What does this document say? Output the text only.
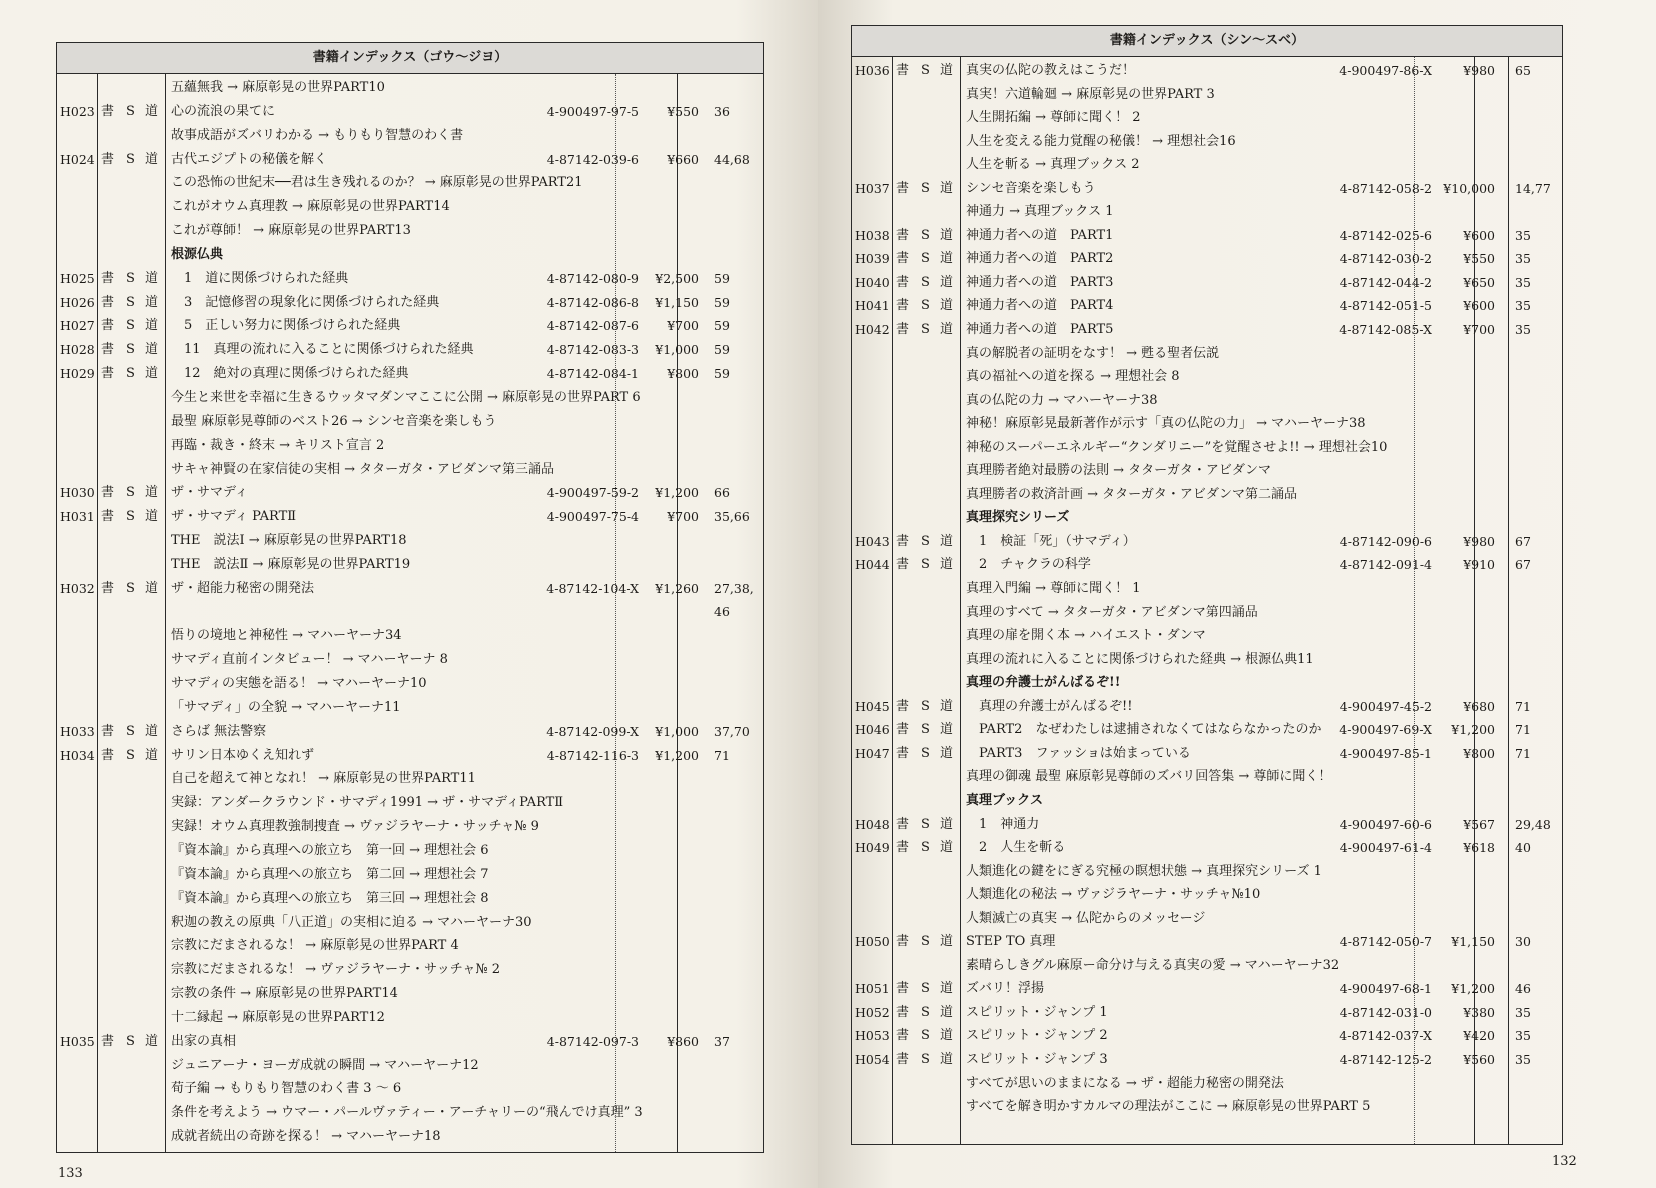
書籍インデックス（ゴウ〜ジヨ）
五蘊無我 → 麻原彰晃の世界PART10
H023 書 S 道 心の流浪の果てに	4-900497-97-5	¥550 36
故事成語がズバリわかる → もりもり智慧のわく書
H024 書 S 道 古代エジプトの秘儀を解く	4-87142-039-6	¥660 44,68
この恐怖の世紀末──君は生き残れるのか？ → 麻原彰晃の世界PART21
これがオウム真理教 → 麻原彰晃の世界PART14
これが尊師！ → 麻原彰晃の世界PART13
根源仏典
H025 書 S 道 　1　道に関係づけられた経典	4-87142-080-9	¥2,500 59
H026 書 S 道 　3　記憶修習の現象化に関係づけられた経典	4-87142-086-8	¥1,150 59
H027 書 S 道 　5　正しい努力に関係づけられた経典	4-87142-087-6	¥700 59
H028 書 S 道 　11　真理の流れに入ることに関係づけられた経典	4-87142-083-3	¥1,000 59
H029 書 S 道 　12　絶対の真理に関係づけられた経典	4-87142-084-1	¥800 59
今生と来世を幸福に生きるウッタマダンマここに公開 → 麻原彰晃の世界PART 6
最聖 麻原彰晃尊師のベスト26 → シンセ音楽を楽しもう
再臨・裁き・終末 → キリスト宣言 2
サキャ神賢の在家信徒の実相 → タターガタ・アビダンマ第三誦品
H030 書 S 道 ザ・サマディ	4-900497-59-2	¥1,200 66
H031 書 S 道 ザ・サマディ PARTⅡ	4-900497-75-4	¥700 35,66
THE　説法Ⅰ → 麻原彰晃の世界PART18
THE　説法Ⅱ → 麻原彰晃の世界PART19
H032 書 S 道 ザ・超能力秘密の開発法	4-87142-104-X	¥1,260 27,38, 46
悟りの境地と神秘性 → マハーヤーナ34
サマディ直前インタビュー！ → マハーヤーナ 8
サマディの実態を語る！ → マハーヤーナ10
「サマディ」の全貌 → マハーヤーナ11
H033 書 S 道 さらば 無法警察	4-87142-099-X	¥1,000 37,70
H034 書 S 道 サリン日本ゆくえ知れず	4-87142-116-3	¥1,200 71
自己を超えて神となれ！ → 麻原彰晃の世界PART11
実録：アンダークラウンド・サマディ1991 → ザ・サマディPARTⅡ
実録！オウム真理教強制捜査 → ヴァジラヤーナ・サッチャ№ 9
『資本論』から真理への旅立ち　第一回 → 理想社会 6
『資本論』から真理への旅立ち　第二回 → 理想社会 7
『資本論』から真理への旅立ち　第三回 → 理想社会 8
釈迦の教えの原典「八正道」の実相に迫る → マハーヤーナ30
宗教にだまされるな！ → 麻原彰晃の世界PART 4
宗教にだまされるな！ → ヴァジラヤーナ・サッチャ№ 2
宗教の条件 → 麻原彰晃の世界PART14
十二縁起 → 麻原彰晃の世界PART12
H035 書 S 道 出家の真相	4-87142-097-3	¥860 37
ジュニアーナ・ヨーガ成就の瞬間 → マハーヤーナ12
荀子編 → もりもり智慧のわく書 3 〜 6
条件を考えよう → ウマー・パールヴァティー・アーチャリーの“飛んでけ真理” 3
成就者続出の奇跡を探る！ → マハーヤーナ18
133
書籍インデックス（シン〜スベ）
H036 書 S 道 真実の仏陀の教えはこうだ！	4-900497-86-X	¥980 65
真実！六道輪廻 → 麻原彰晃の世界PART 3
人生開拓編 → 尊師に聞く！ 2
人生を変える能力覚醒の秘儀！ → 理想社会16
人生を斬る → 真理ブックス 2
H037 書 S 道 シンセ音楽を楽しもう	4-87142-058-2 ¥10,000 14,77
神通力 → 真理ブックス 1
H038 書 S 道 神通力者への道　PART1	4-87142-025-6	¥600 35
H039 書 S 道 神通力者への道　PART2	4-87142-030-2	¥550 35
H040 書 S 道 神通力者への道　PART3	4-87142-044-2	¥650 35
H041 書 S 道 神通力者への道　PART4	4-87142-051-5	¥600 35
H042 書 S 道 神通力者への道　PART5	4-87142-085-X	¥700 35
真の解脱者の証明をなす！ → 甦る聖者伝説
真の福祉への道を探る → 理想社会 8
真の仏陀の力 → マハーヤーナ38
神秘！麻原彰晃最新著作が示す「真の仏陀の力」 → マハーヤーナ38
神秘のスーパーエネルギー“クンダリニー”を覚醒させよ!! → 理想社会10
真理勝者絶対最勝の法則 → タターガタ・アビダンマ
真理勝者の救済計画 → タターガタ・アビダンマ第二誦品
真理探究シリーズ
H043 書 S 道 　1　検証「死」（サマディ）	4-87142-090-6	¥980 67
H044 書 S 道 　2　チャクラの科学	4-87142-091-4	¥910 67
真理入門編 → 尊師に聞く！ 1
真理のすべて → タターガタ・アビダンマ第四誦品
真理の扉を開く本 → ハイエスト・ダンマ
真理の流れに入ることに関係づけられた経典 → 根源仏典11
真理の弁護士がんばるぞ!!
H045 書 S 道 　真理の弁護士がんばるぞ!!	4-900497-45-2	¥680 71
H046 書 S 道 　PART2　なぜわたしは逮捕されなくてはならなかったのか	4-900497-69-X	¥1,200 71
H047 書 S 道 　PART3　ファッショは始まっている	4-900497-85-1	¥800 71
真理の御魂 最聖 麻原彰晃尊師のズバリ回答集 → 尊師に聞く！
真理ブックス
H048 書 S 道 　1　神通力	4-900497-60-6	¥567 29,48
H049 書 S 道 　2　人生を斬る	4-900497-61-4	¥618 40
人類進化の鍵をにぎる究極の瞑想状態 → 真理探究シリーズ 1
人類進化の秘法 → ヴァジラヤーナ・サッチャ№10
人類滅亡の真実 → 仏陀からのメッセージ
H050 書 S 道 STEP TO 真理	4-87142-050-7	¥1,150 30
素晴らしきグル麻原ー命分け与える真実の愛 → マハーヤーナ32
H051 書 S 道 ズバリ！浮揚	4-900497-68-1	¥1,200 46
H052 書 S 道 スピリット・ジャンプ 1	4-87142-031-0	¥380 35
H053 書 S 道 スピリット・ジャンプ 2	4-87142-037-X	¥420 35
H054 書 S 道 スピリット・ジャンプ 3	4-87142-125-2	¥560 35
すべてが思いのままになる → ザ・超能力秘密の開発法
すべてを解き明かすカルマの理法がここに → 麻原彰晃の世界PART 5
132
